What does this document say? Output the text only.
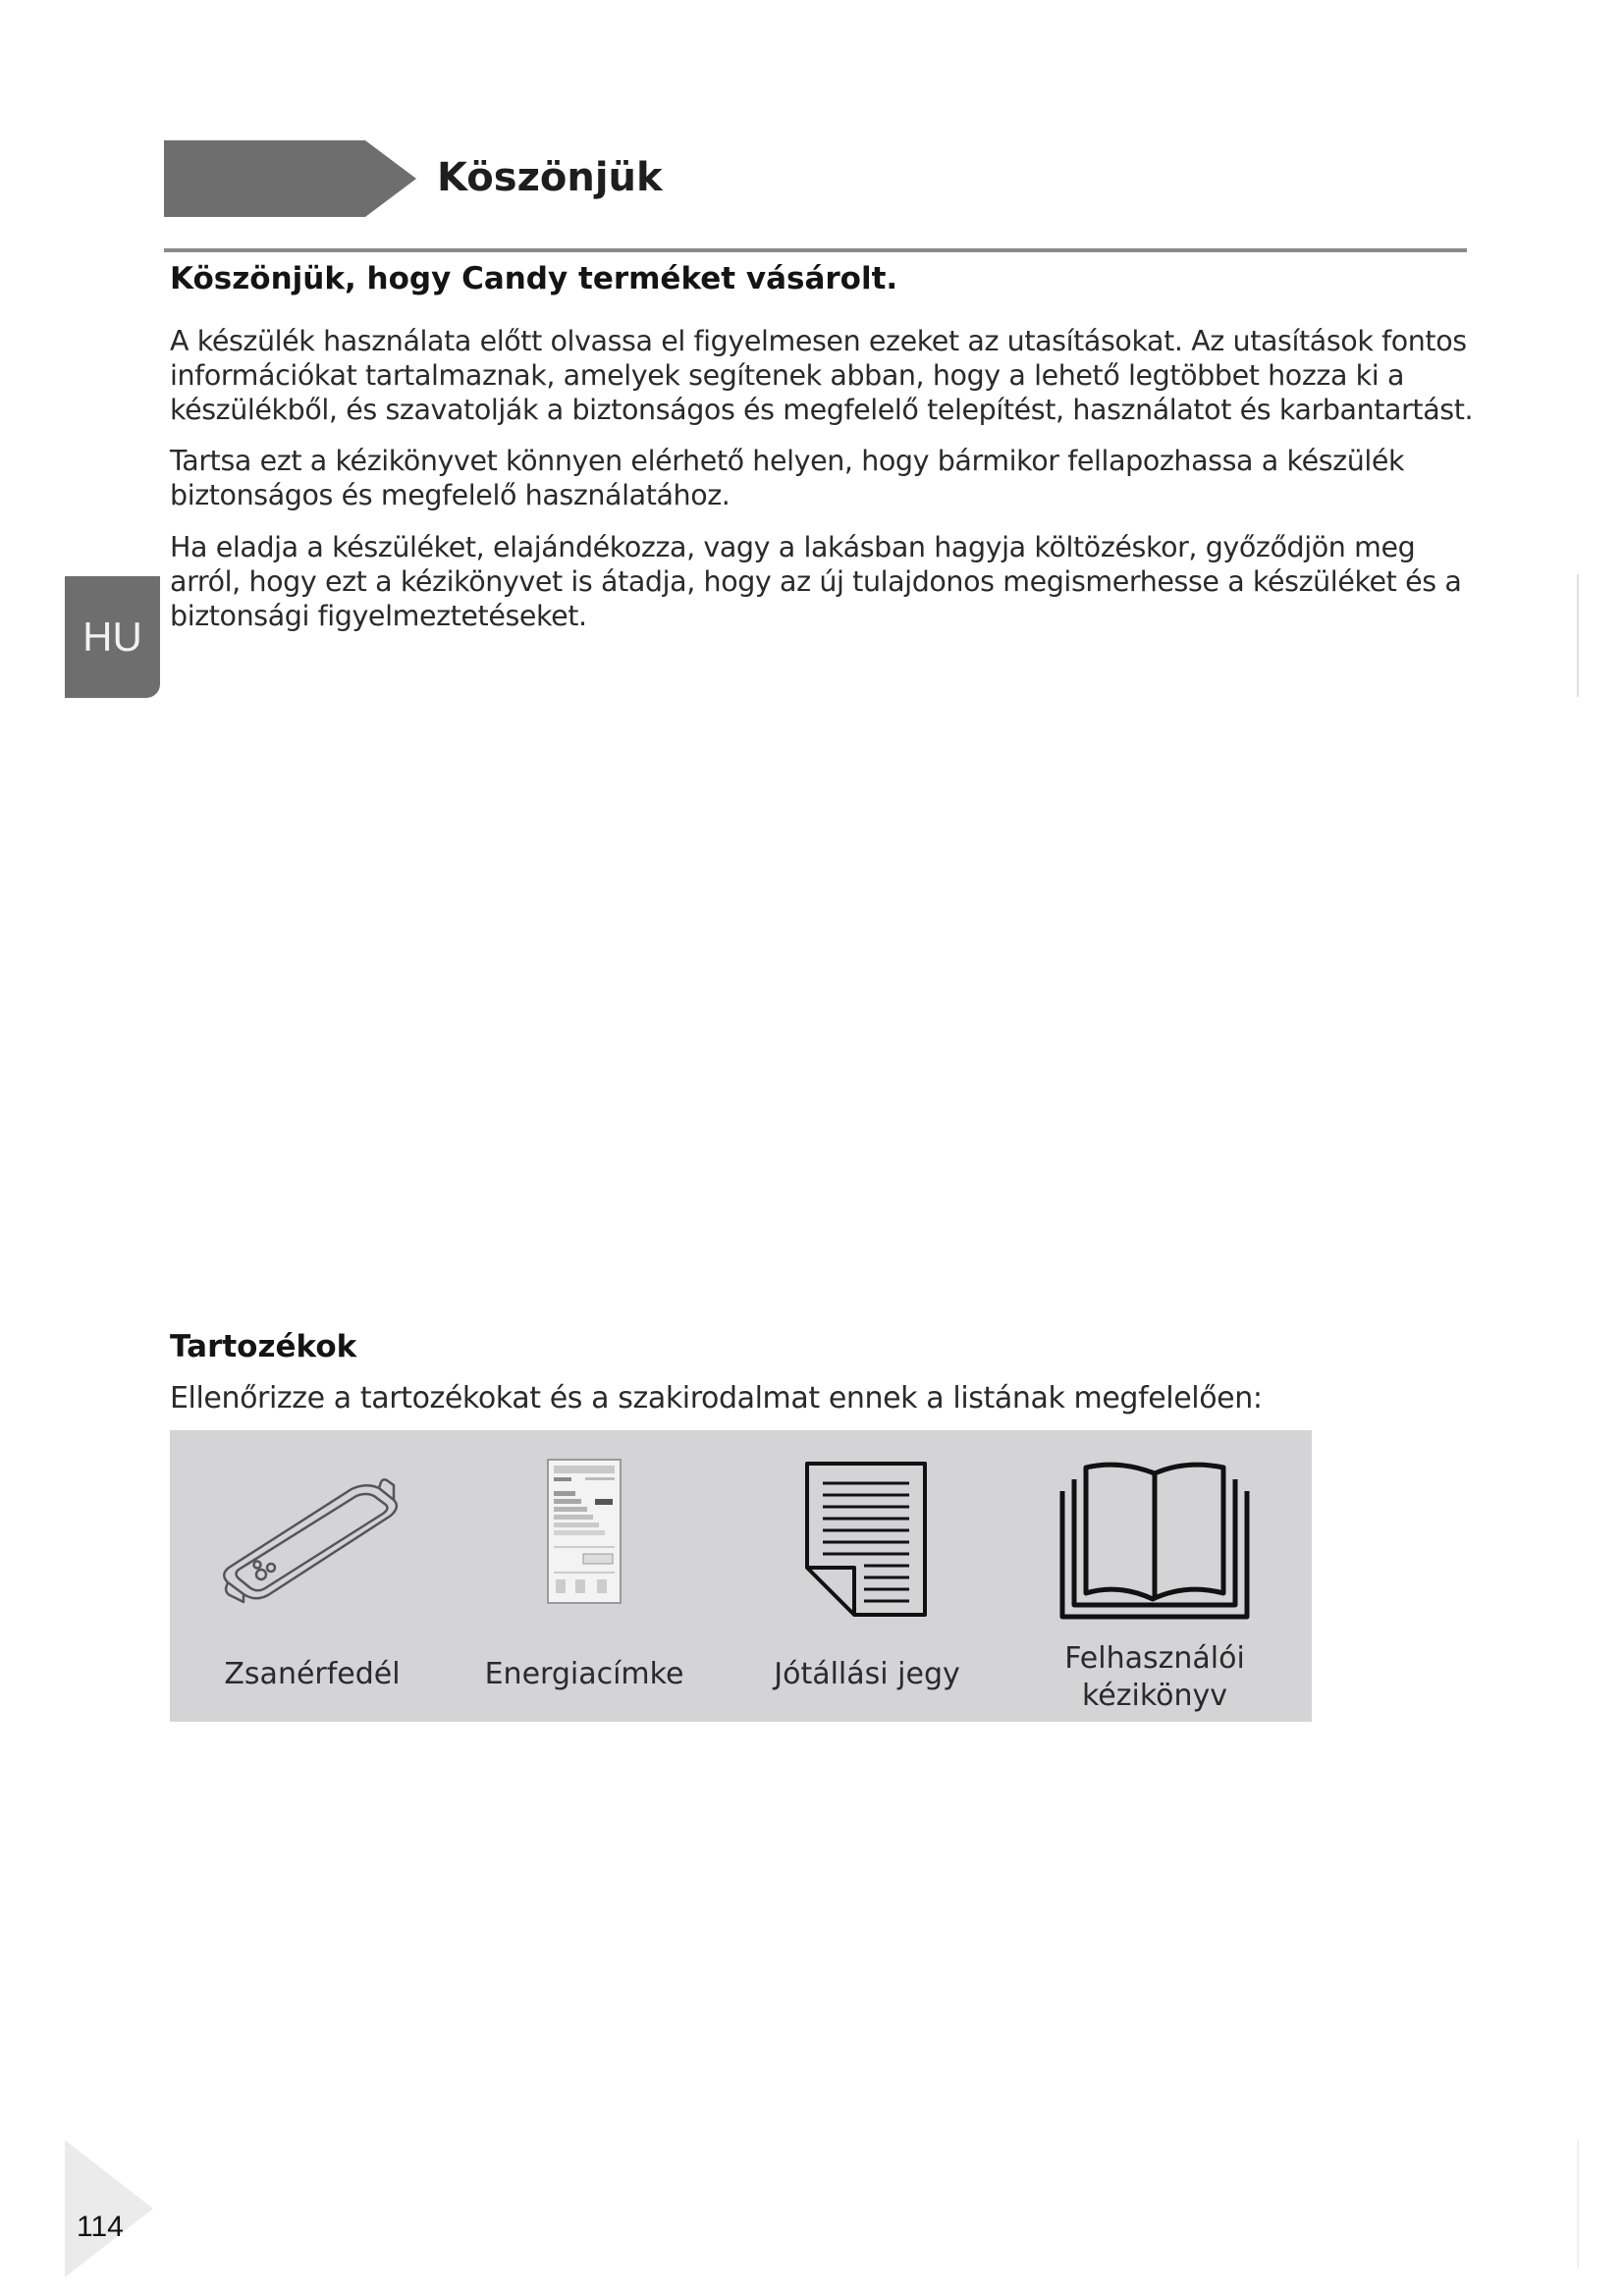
Köszönjük
Köszönjük, hogy Candy terméket vásárolt.

A készülék használata előtt olvassa el figyelmesen ezeket az utasításokat. Az utasítások fontos információkat tartalmaznak, amelyek segítenek abban, hogy a lehető legtöbbet hozza ki a készülékből, és szavatolják a biztonságos és megfelelő telepítést, használatot és karbantartást.

Tartsa ezt a kézikönyvet könnyen elérhető helyen, hogy bármikor fellapozhassa a készülék biztonságos és megfelelő használatához.

Ha eladja a készüléket, elajándékozza, vagy a lakásban hagyja költözéskor, győződjön meg arról, hogy ezt a kézikönyvet is átadja, hogy az új tulajdonos megismerhesse a készüléket és a biztonsági figyelmeztetéseket.

HU
Tartozékok
Ellenőrizze a tartozékokat és a szakirodalmat ennek a listának megfelelően:
Zsanérfedél	Energiacímke	Jótállási jegy	Felhasználói
kézikönyv
114
